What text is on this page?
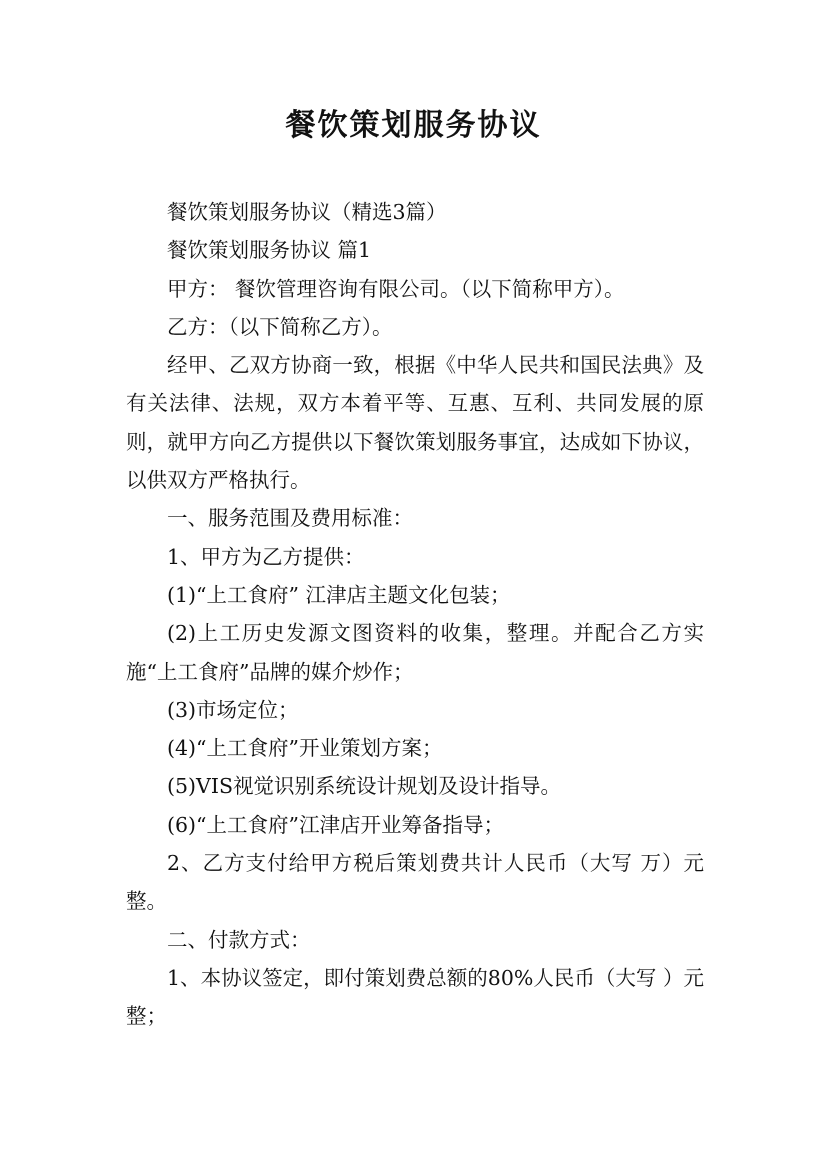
餐饮策划服务协议

餐饮策划服务协议（精选3篇）

餐饮策划服务协议 篇1

甲方： 餐饮管理咨询有限公司。（以下简称甲方）。

乙方：（以下简称乙方）。

经甲、乙双方协商一致，根据《中华人民共和国民法典》及有关法律、法规，双方本着平等、互惠、互利、共同发展的原则，就甲方向乙方提供以下餐饮策划服务事宜，达成如下协议，以供双方严格执行。

一、服务范围及费用标准：

1、甲方为乙方提供：

(1)“上工食府” 江津店主题文化包装；

(2)上工历史发源文图资料的收集，整理。并配合乙方实施“上工食府”品牌的媒介炒作；

(3)市场定位；

(4)“上工食府”开业策划方案；

(5)VIS视觉识别系统设计规划及设计指导。

(6)“上工食府”江津店开业筹备指导；

2、乙方支付给甲方税后策划费共计人民币（大写 万）元整。

二、付款方式：

1、本协议签定，即付策划费总额的80%人民币（大写 ）元整；
